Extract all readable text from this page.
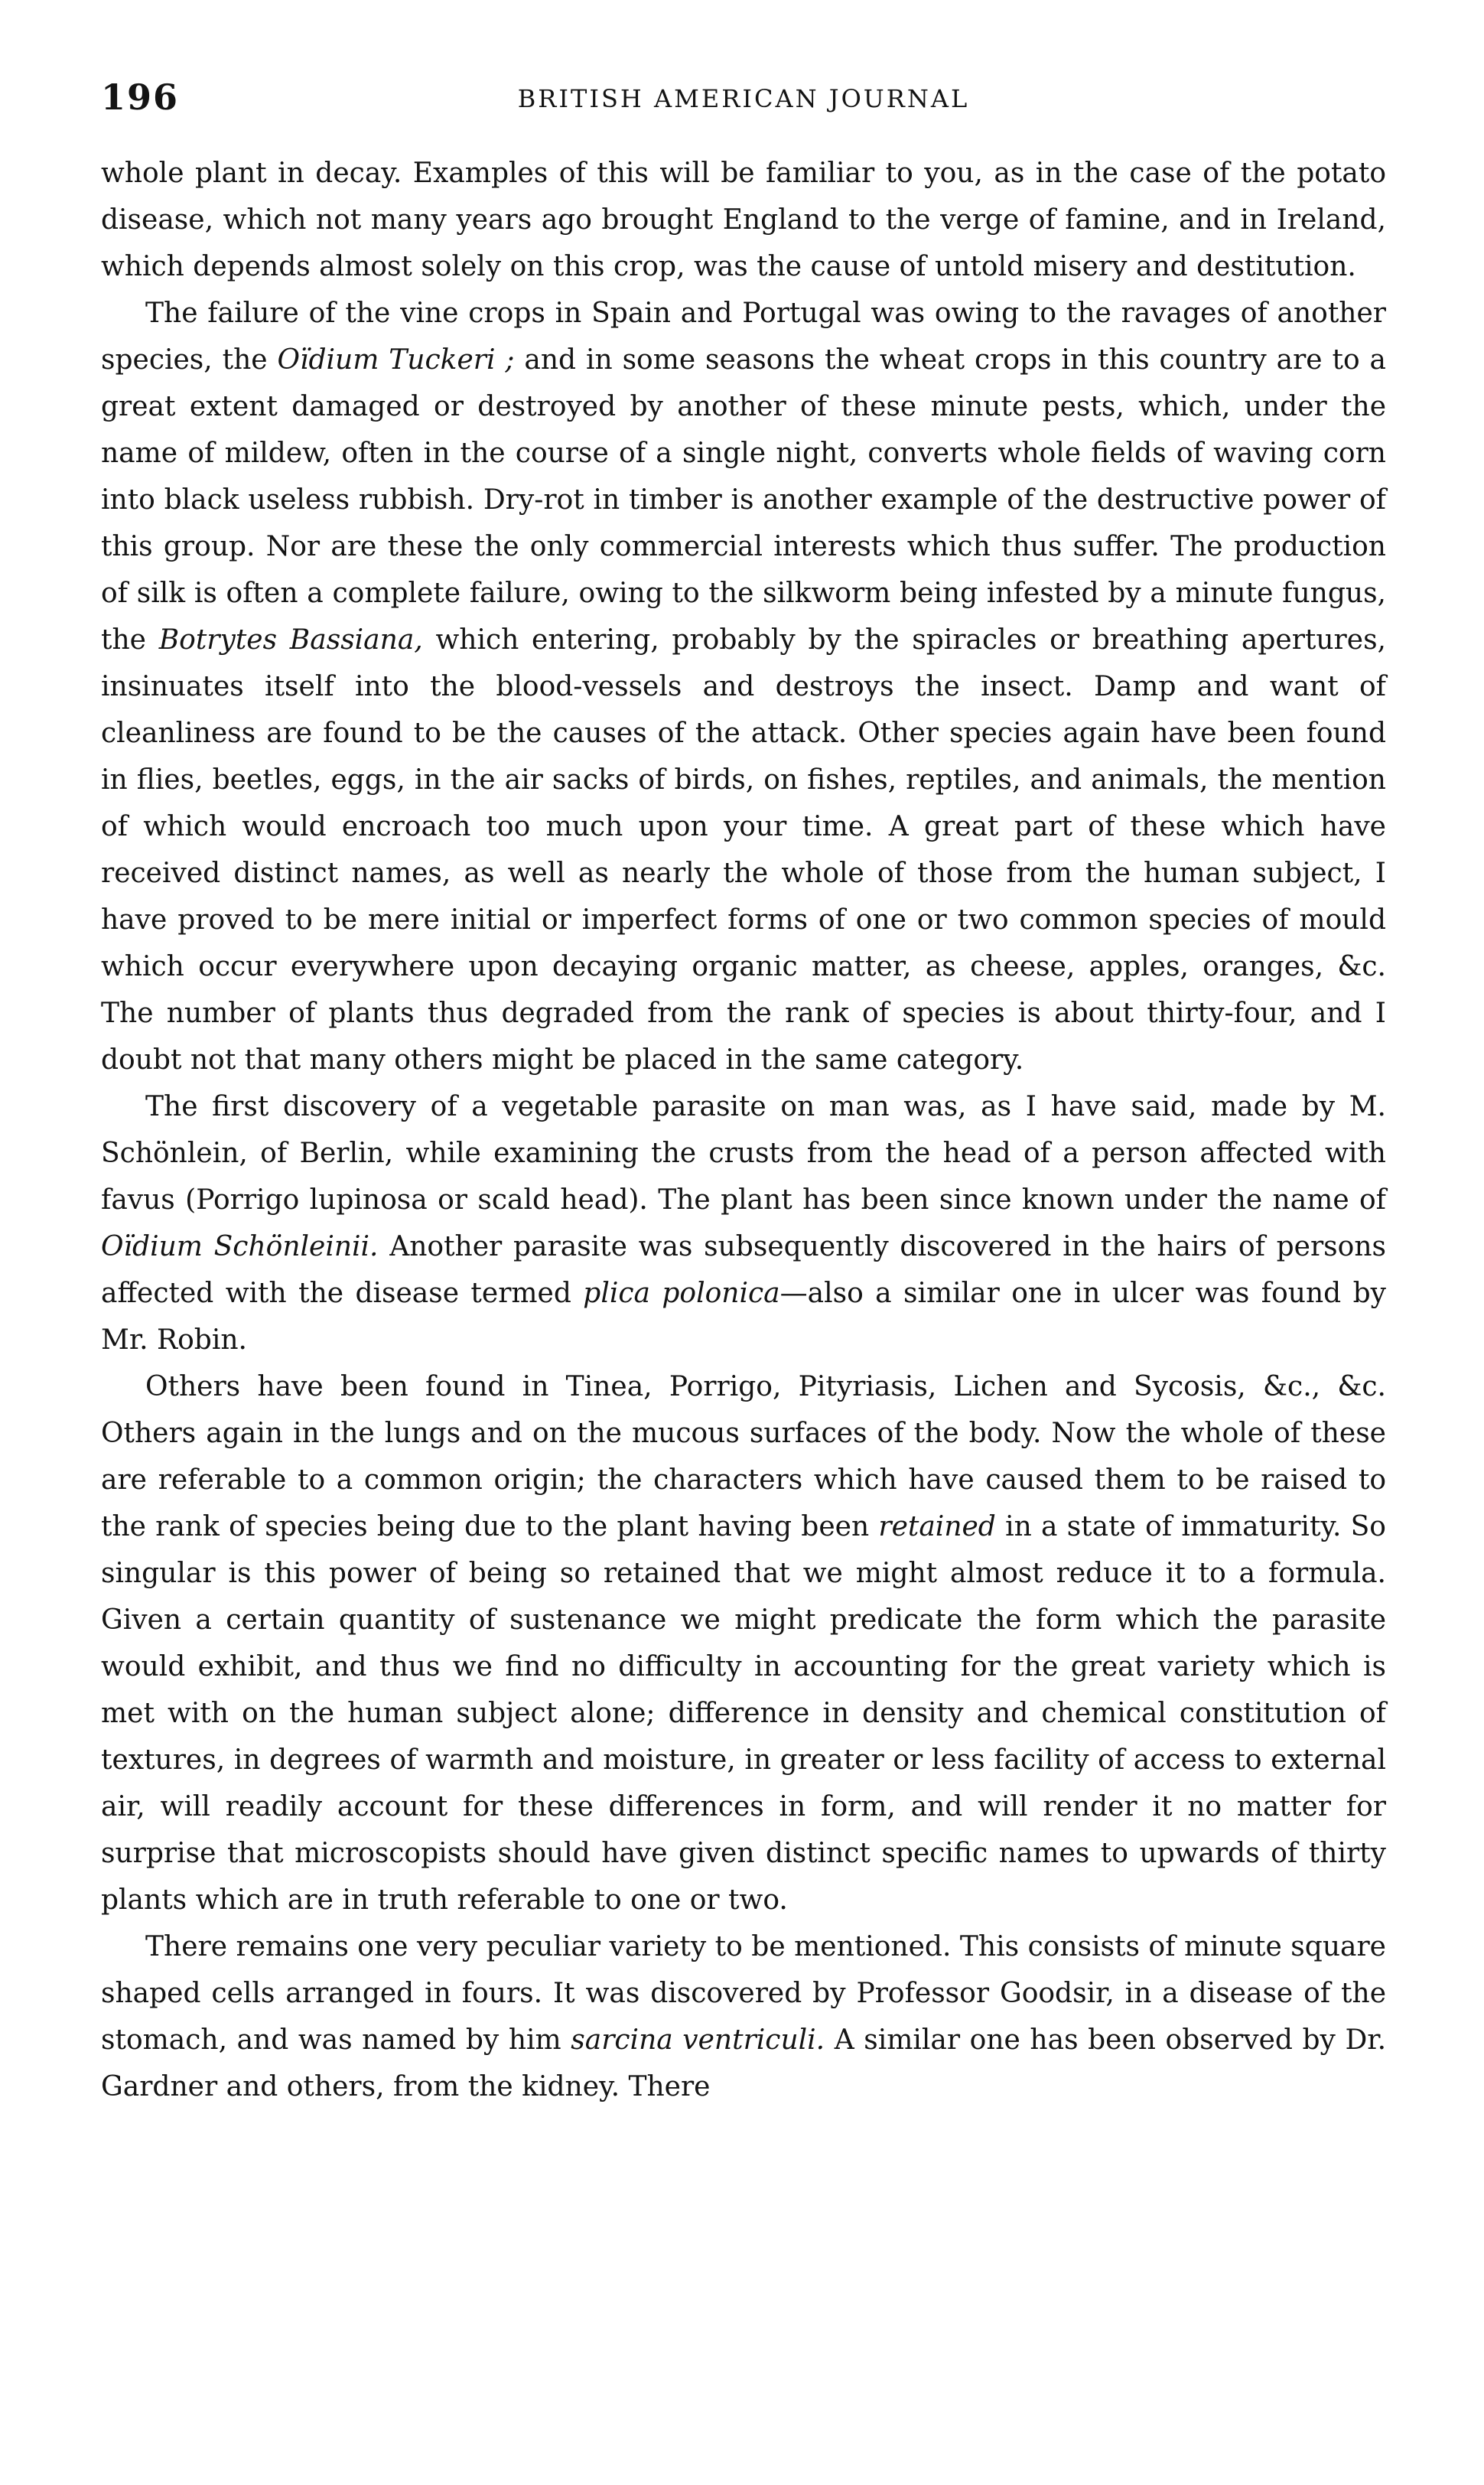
196	BRITISH AMERICAN JOURNAL

whole plant in decay. Examples of this will be familiar to you, as in the case of the potato disease, which not many years ago brought England to the verge of famine, and in Ireland, which depends almost solely on this crop, was the cause of untold misery and destitution.

The failure of the vine crops in Spain and Portugal was owing to the ravages of another species, the Oïdium Tuckeri ; and in some seasons the wheat crops in this country are to a great extent damaged or destroyed by another of these minute pests, which, under the name of mildew, often in the course of a single night, converts whole fields of waving corn into black useless rubbish. Dry-rot in timber is another example of the destructive power of this group. Nor are these the only commercial interests which thus suffer. The production of silk is often a complete failure, owing to the silkworm being infested by a minute fungus, the Botrytes Bassiana, which entering, probably by the spiracles or breathing apertures, insinuates itself into the blood-vessels and destroys the insect. Damp and want of cleanliness are found to be the causes of the attack. Other species again have been found in flies, beetles, eggs, in the air sacks of birds, on fishes, reptiles, and animals, the mention of which would encroach too much upon your time. A great part of these which have received distinct names, as well as nearly the whole of those from the human subject, I have proved to be mere initial or imperfect forms of one or two common species of mould which occur everywhere upon decaying organic matter, as cheese, apples, oranges, &c. The number of plants thus degraded from the rank of species is about thirty-four, and I doubt not that many others might be placed in the same category.

The first discovery of a vegetable parasite on man was, as I have said, made by M. Schönlein, of Berlin, while examining the crusts from the head of a person affected with favus (Porrigo lupinosa or scald head). The plant has been since known under the name of Oïdium Schönleinii. Another parasite was subsequently discovered in the hairs of persons affected with the disease termed plica polonica—also a similar one in ulcer was found by Mr. Robin.

Others have been found in Tinea, Porrigo, Pityriasis, Lichen and Sycosis, &c., &c. Others again in the lungs and on the mucous surfaces of the body. Now the whole of these are referable to a common origin; the characters which have caused them to be raised to the rank of species being due to the plant having been retained in a state of immaturity. So singular is this power of being so retained that we might almost reduce it to a formula. Given a certain quantity of sustenance we might predicate the form which the parasite would exhibit, and thus we find no difficulty in accounting for the great variety which is met with on the human subject alone; difference in density and chemical constitution of textures, in degrees of warmth and moisture, in greater or less facility of access to external air, will readily account for these differences in form, and will render it no matter for surprise that microscopists should have given distinct specific names to upwards of thirty plants which are in truth referable to one or two.

There remains one very peculiar variety to be mentioned. This consists of minute square shaped cells arranged in fours. It was discovered by Professor Goodsir, in a disease of the stomach, and was named by him sarcina ventriculi. A similar one has been observed by Dr. Gardner and others, from the kidney. There
